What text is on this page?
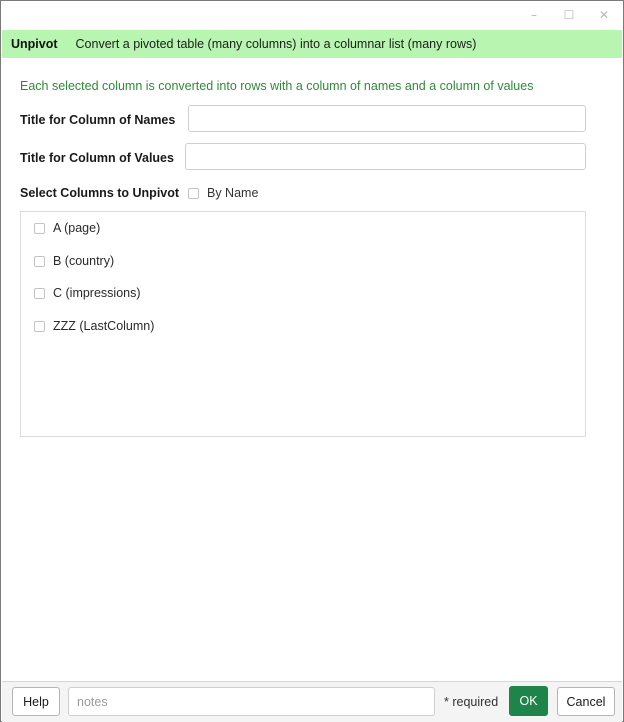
–	☐	✕
Unpivot Convert a pivoted table (many columns) into a columnar list (many rows)
Each selected column is converted into rows with a column of names and a column of values
Title for Column of Names
Title for Column of Values
Select Columns to Unpivot By Name
A (page)
B (country)
C (impressions)
ZZZ (LastColumn)
Help
notes	* required	OK	Cancel
